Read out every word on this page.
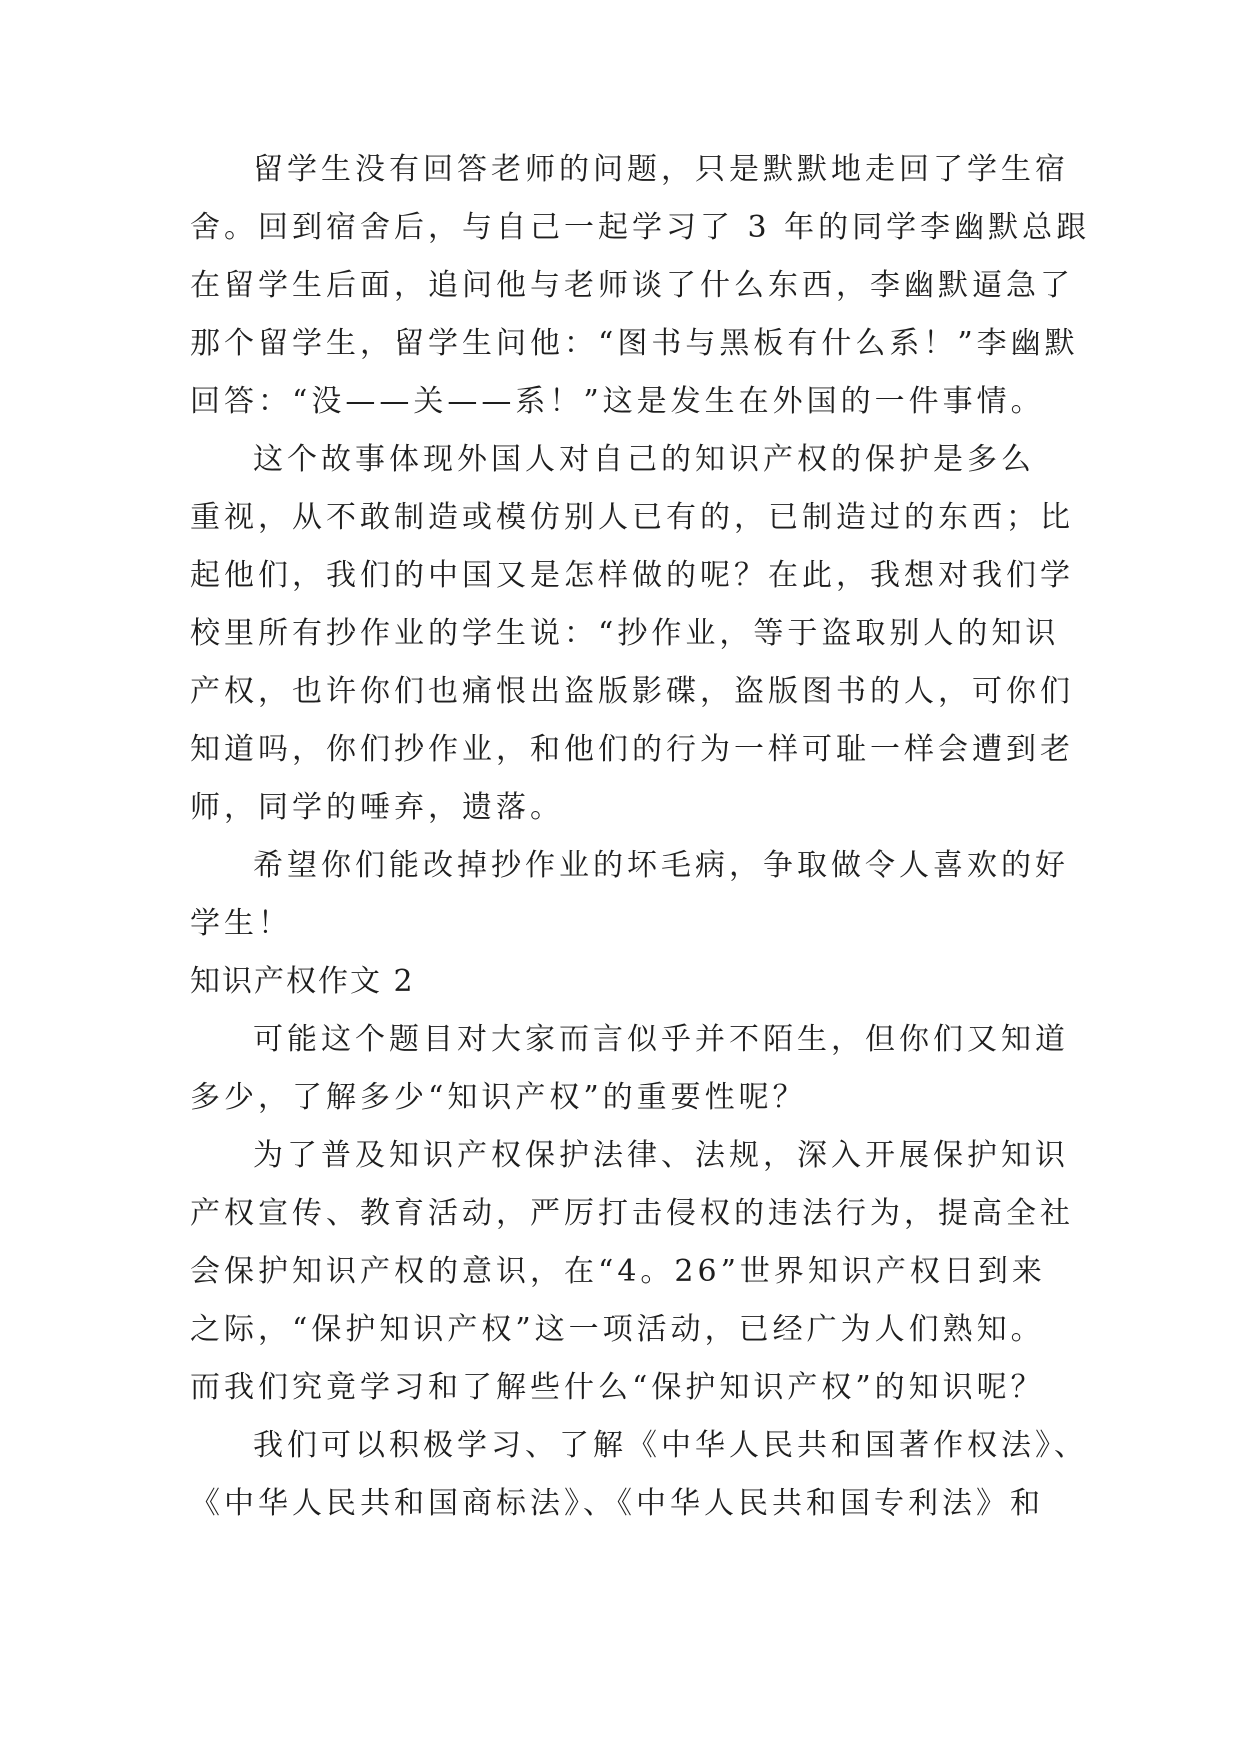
留学生没有回答老师的问题，只是默默地走回了学生宿
舍。回到宿舍后，与自己一起学习了 3 年的同学李幽默总跟
在留学生后面，追问他与老师谈了什么东西，李幽默逼急了
那个留学生，留学生问他：“图书与黑板有什么系！”李幽默
回答：“没——关——系！”这是发生在外国的一件事情。
这个故事体现外国人对自己的知识产权的保护是多么
重视，从不敢制造或模仿别人已有的，已制造过的东西；比
起他们，我们的中国又是怎样做的呢？在此，我想对我们学
校里所有抄作业的学生说：“抄作业，等于盗取别人的知识
产权，也许你们也痛恨出盗版影碟，盗版图书的人，可你们
知道吗，你们抄作业，和他们的行为一样可耻一样会遭到老
师，同学的唾弃，遗落。
希望你们能改掉抄作业的坏毛病，争取做令人喜欢的好
学生！
知识产权作文 2
可能这个题目对大家而言似乎并不陌生，但你们又知道
多少，了解多少“知识产权”的重要性呢？
为了普及知识产权保护法律、法规，深入开展保护知识
产权宣传、教育活动，严厉打击侵权的违法行为，提高全社
会保护知识产权的意识，在“4。26”世界知识产权日到来
之际，“保护知识产权”这一项活动，已经广为人们熟知。
而我们究竟学习和了解些什么“保护知识产权”的知识呢？
我们可以积极学习、了解《中华人民共和国著作权法》、
《中华人民共和国商标法》、《中华人民共和国专利法》和
